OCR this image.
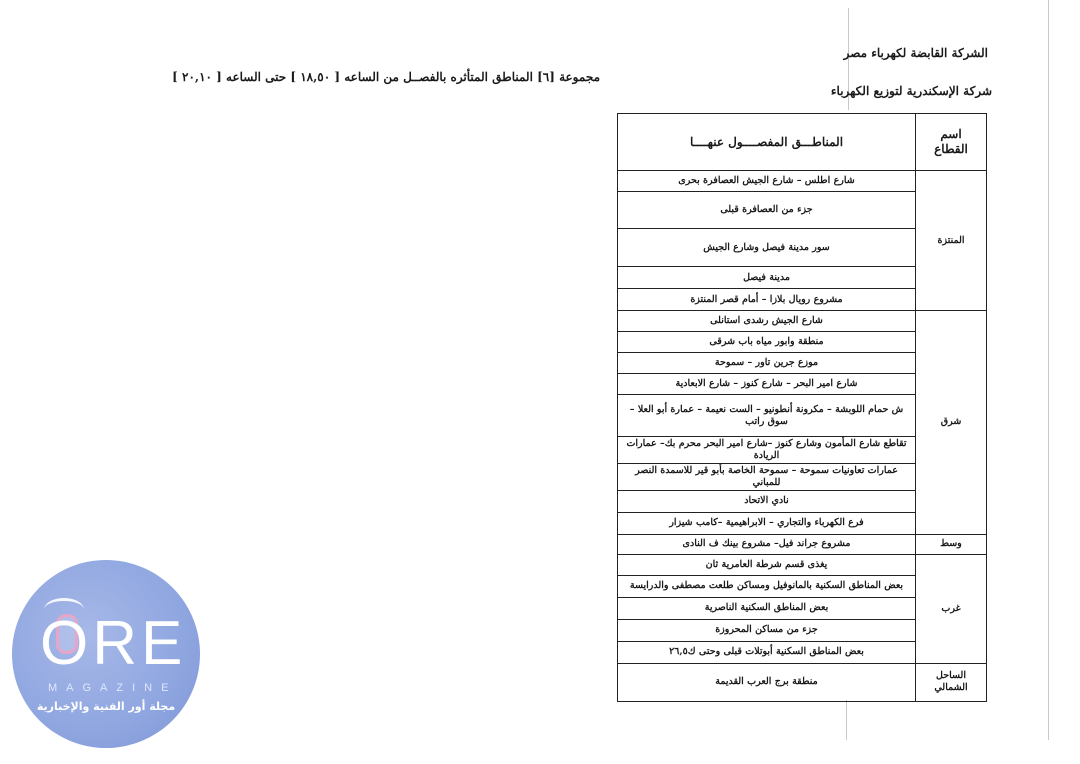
الشركة القابضة لكهرباء مصر
شركة الإسكندرية لتوزيع الكهرباء
مجموعة [٦] المناطق المتأثره بالفصــل من الساعه [ ١٨,٥٠ ] حتى الساعه [ ٢٠,١٠ ]
اسم القطاع	المناطـــق المفصــــول عنهــــا
المنتزة	شارع اطلس – شارع الجيش العصافرة بحرى
	جزء من العصافرة قبلى
	سور مدينة فيصل وشارع الجيش
	مدينة فيصل
	مشروع رويال بلازا – أمام قصر المنتزة
شرق	شارع الجيش رشدى استانلى
	منطقة وابور مياه باب شرقى
	موزع جرين تاور – سموحة
	شارع امير البحر – شارع كنوز – شارع الابعادية
	ش حمام اللوبشة – مكرونة أنطونيو – الست نعيمة – عمارة أبو العلا – سوق راتب
	تقاطع شارع المأمون وشارع كنوز –شارع امير البحر محرم بك– عمارات الريادة
	عمارات تعاونيات سموحة – سموحة الخاصة بأبو قير للاسمدة النصر للمباني
	نادي الاتحاد
	فرع الكهرباء والتجاري – الابراهيمية –كامب شيزار
وسط	مشروع جراند فيل– مشروع بينك ف النادى
غرب	يغذى قسم شرطة العامرية ثان
	بعض المناطق السكنية بالمانوفيل ومساكن طلعت مصطفى والدرايسة
	بعض المناطق السكنية الناصرية
	جزء من مساكن المحروزة
	بعض المناطق السكنية أبوتلات قبلى وحتى ك٢٦,٥
الساحل الشمالي	منطقة برج العرب القديمة
ORE
MAGAZINE
مجلة أور الفنية والإخبارية
